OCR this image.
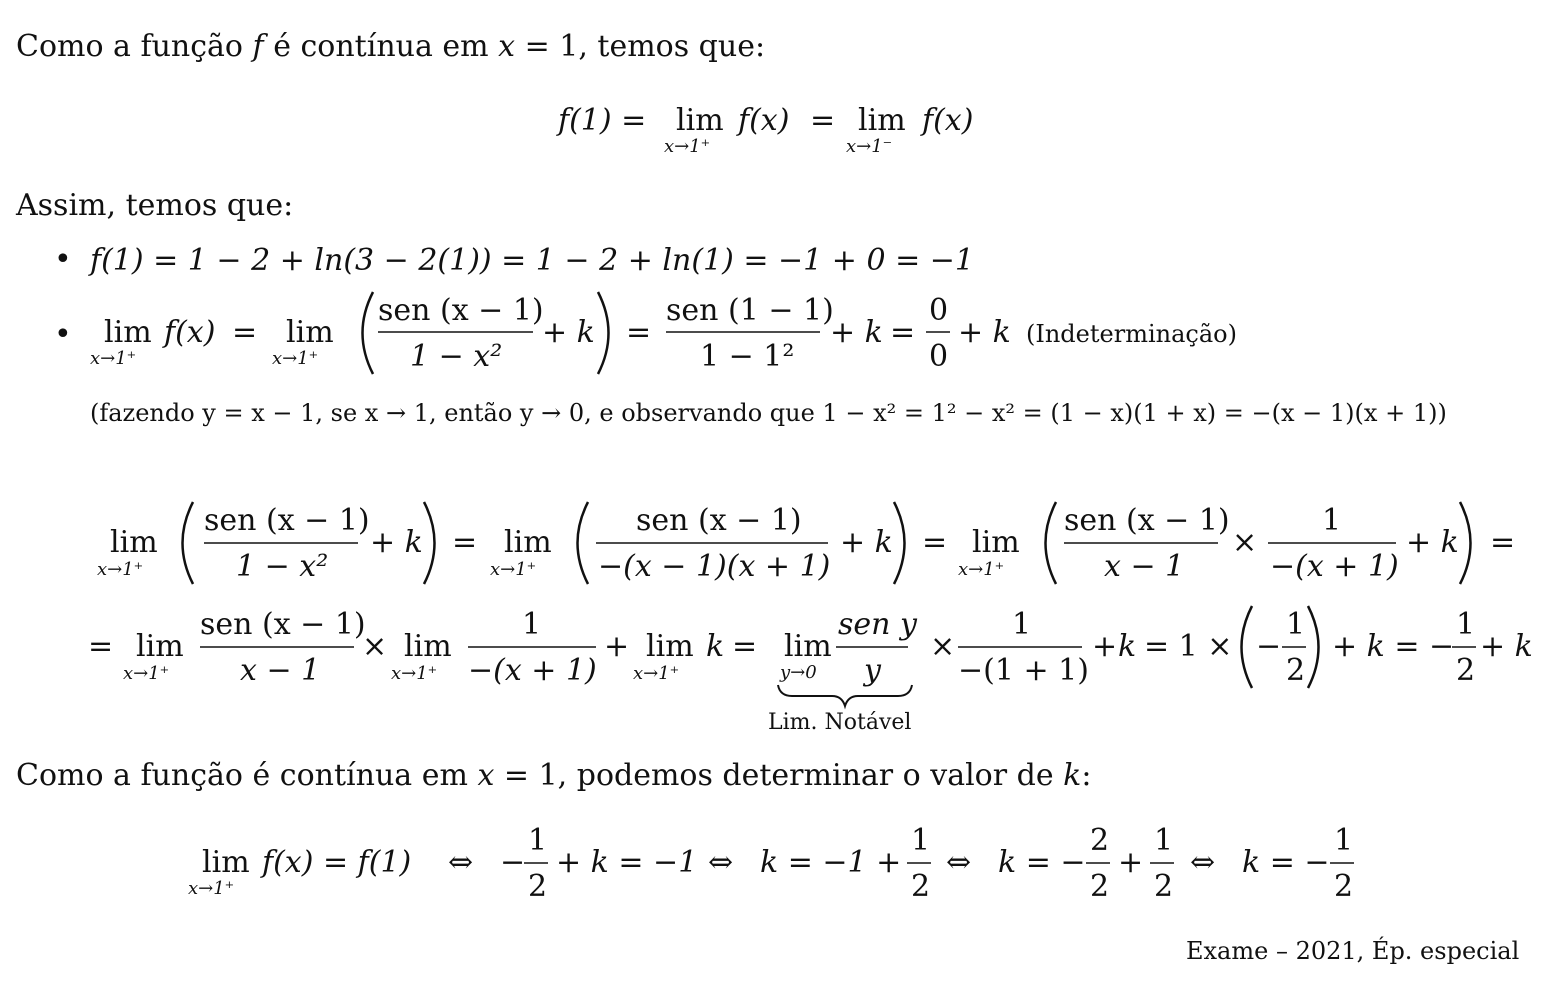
Como a função f é contínua em x = 1, temos que:
Assim, temos que:
Como a função é contínua em x = 1, podemos determinar o valor de k:
(fazendo y = x − 1, se x → 1, então y → 0, e observando que 1 − x² = 1² − x² = (1 − x)(1 + x) = −(x − 1)(x + 1))
Exame – 2021, Ép. especial
•
•
f(1) = lim
x→1⁺
f(x) = lim
x→1⁻
f(x)
f(1) = 1 − 2 + ln(3 − 2(1)) = 1 − 2 + ln(1) = −1 + 0 = −1
lim
x→1⁺
f(x) = lim
x→1⁺
sen (x − 1)
1 − x²
+ k =
sen (1 − 1)
1 − 1²
+ k =
0
0
+ k (Indeterminação)
lim
x→1⁺
sen (x − 1)
1 − x²
+ k = lim
x→1⁺
sen (x − 1)
−(x − 1)(x + 1)
+ k = lim
x→1⁺
sen (x − 1)
x − 1
×
1
−(x + 1)
+ k =
= lim
x→1⁺
sen (x − 1)
x − 1
× lim
x→1⁺
1
−(x + 1)
+ lim
x→1⁺
k = lim
y→0
sen y
y
Lim. Notável
×
1
−(1 + 1)
+ k = 1 × −
1
2
+ k = −
1
2
+ k
lim
x→1⁺
f(x) = f(1) ⇔ −
1
2
+ k = −1 ⇔ k = −1 +
1
2
⇔ k = −
2
2
+
1
2
⇔ k = −
1
2
